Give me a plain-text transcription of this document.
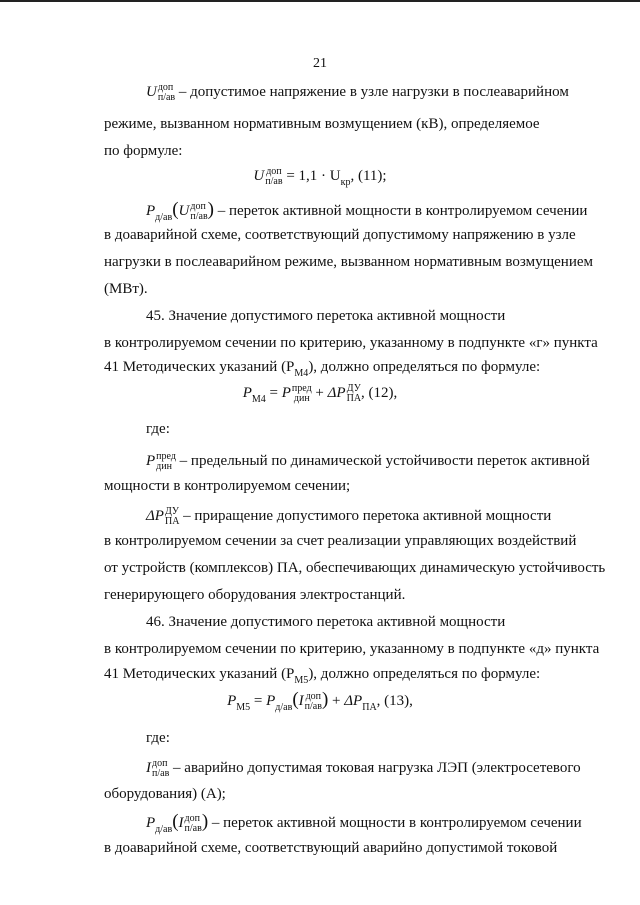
21
U доп
п/ав – допустимое напряжение в узле нагрузки в послеаварийном
режиме, вызванном нормативным возмущением (кВ), определяемое
по формуле:
U доп
$п/ав = 1,1 \cdot U_{кр}$, (11);
$P_{д/ав}(U$ доп
п/ав ) – переток активной мощности в контролируемом сечении
в доаварийной схеме, соответствующий допустимому напряжению в узле
нагрузки в послеаварийном режиме, вызванном нормативным возмущением
(МВт).
45. Значение допустимого перетока активной мощности
в контролируемом сечении по критерию, указанному в подпункте «г» пункта
41 Методических указаний $(P_{М4})$, должно определяться по формуле:
$P_{М4} = P$ пред
дин + ΔP ДУ
ПА , (12),
где:
P пред
дин – предельный по динамической устойчивости переток активной
мощности в контролируемом сечении;
ΔP ДУ
ПА – приращение допустимого перетока активной мощности
в контролируемом сечении за счет реализации управляющих воздействий
от устройств (комплексов) ПА, обеспечивающих динамическую устойчивость
генерирующего оборудования электростанций.
46. Значение допустимого перетока активной мощности
в контролируемом сечении по критерию, указанному в подпункте «д» пункта
41 Методических указаний $(P_{М5})$, должно определяться по формуле:
$P_{М5} = P_{д/ав}(I$ доп
п/ав ) + $\Delta P_{ПА}$, (13),
где:
I доп
п/ав – аварийно допустимая токовая нагрузка ЛЭП (электросетевого
оборудования) (А);
$P_{д/ав}(I$ доп
п/ав ) – переток активной мощности в контролируемом сечении
в доаварийной схеме, соответствующий аварийно допустимой токовой
